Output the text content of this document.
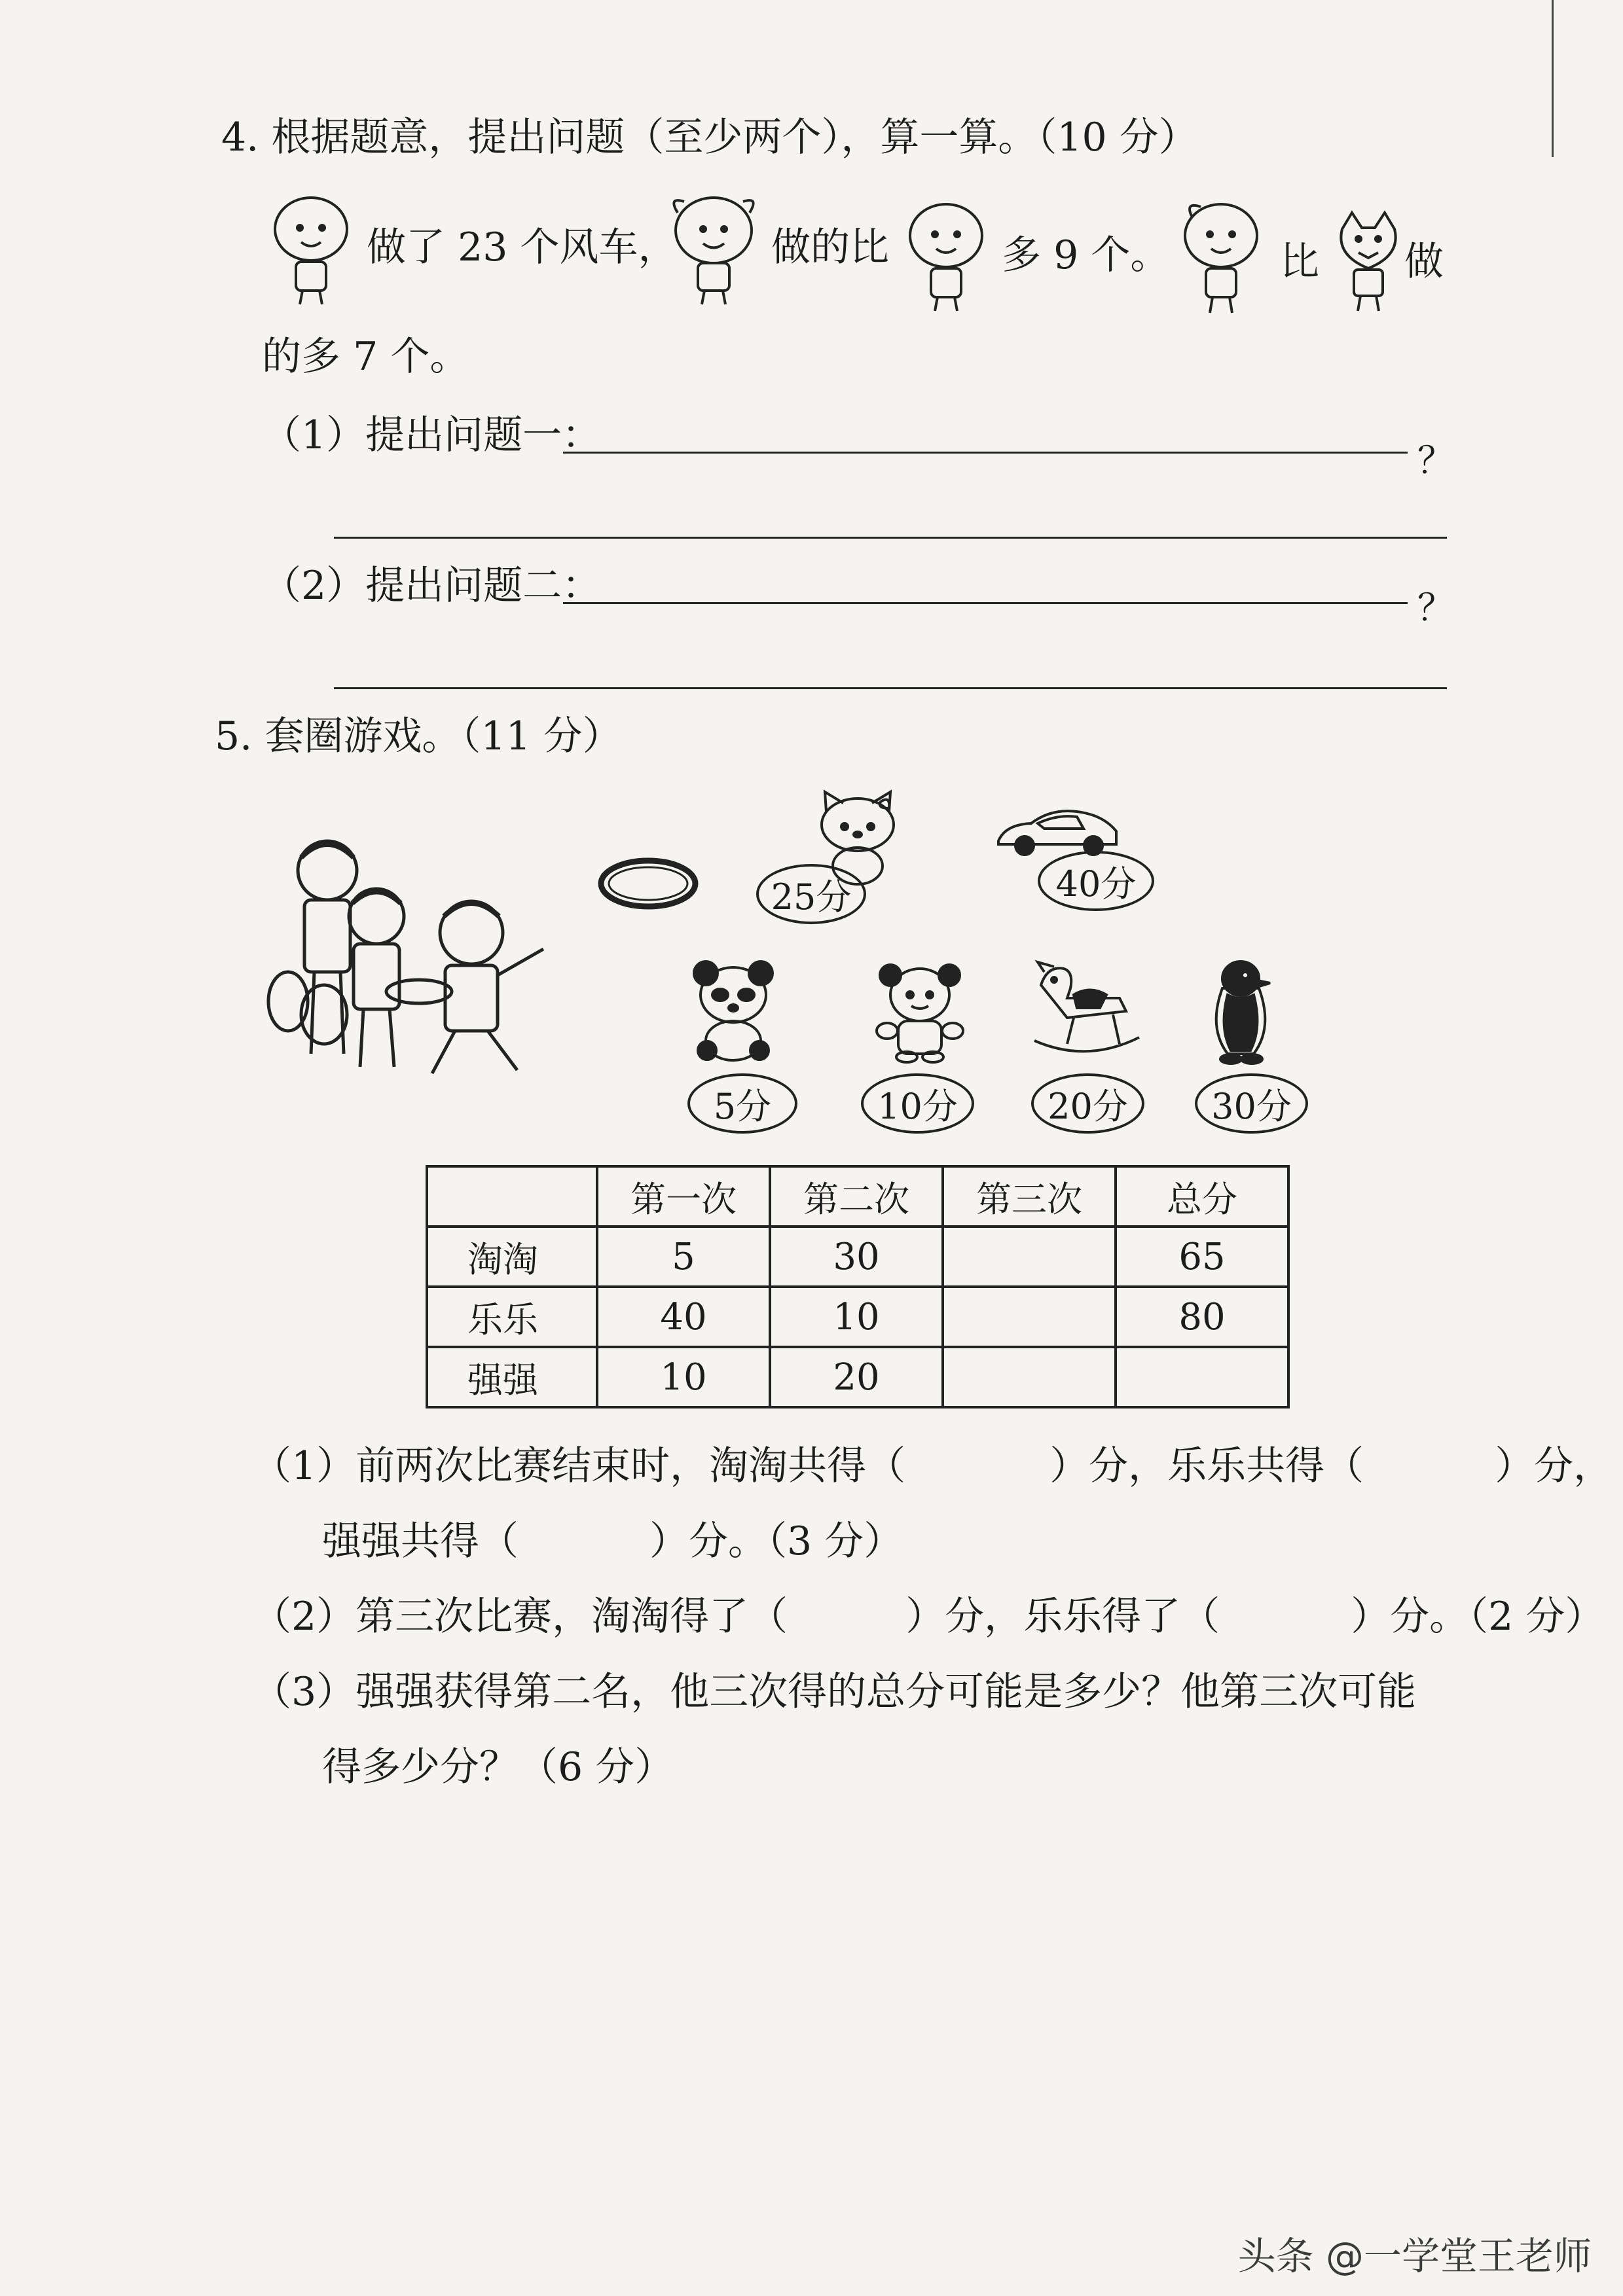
4. 根据题意，提出问题（至少两个），算一算。（10 分）
做了 23 个风车， 做的比	多 9 个。	比 做
的多 7 个。
（1）提出问题一：
？
（2）提出问题二：	？
5. 套圈游戏。（11 分）
25分	40分
5分	10分	20分	30分
	第一次	第二次	第三次	总分
淘淘	5	30		65
乐乐	40	10		80
强强	10	20		
（1）前两次比赛结束时，淘淘共得（	）分，乐乐共得（	）分，
强强共得（	）分。（3 分）
（2）第三次比赛，淘淘得了（	）分，乐乐得了（	）分。（2 分）
（3）强强获得第二名，他三次得的总分可能是多少？他第三次可能
得多少分？（6 分）
头条 @一学堂王老师
